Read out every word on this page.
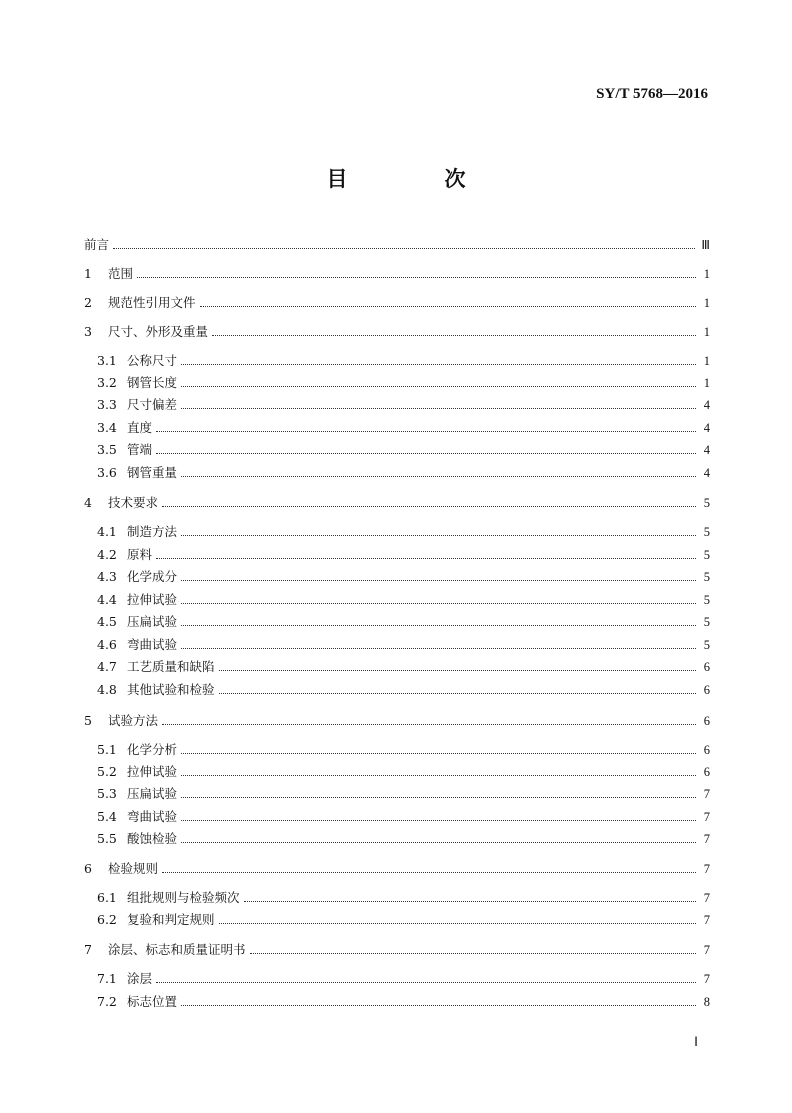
SY/T 5768—2016
目　次
前言	Ⅲ
1	范围	1
2	规范性引用文件	1
3	尺寸、外形及重量	1
3.1 公称尺寸	1
3.2 钢管长度	1
3.3 尺寸偏差	4
3.4 直度	4
3.5 管端	4
3.6 钢管重量	4
4	技术要求	5
4.1 制造方法	5
4.2 原料	5
4.3 化学成分	5
4.4 拉伸试验	5
4.5 压扁试验	5
4.6 弯曲试验	5
4.7 工艺质量和缺陷	6
4.8 其他试验和检验	6
5	试验方法	6
5.1 化学分析	6
5.2 拉伸试验	6
5.3 压扁试验	7
5.4 弯曲试验	7
5.5 酸蚀检验	7
6	检验规则	7
6.1 组批规则与检验频次	7
6.2 复验和判定规则	7
7	涂层、标志和质量证明书	7
7.1 涂层	7
7.2 标志位置	8
Ⅰ
